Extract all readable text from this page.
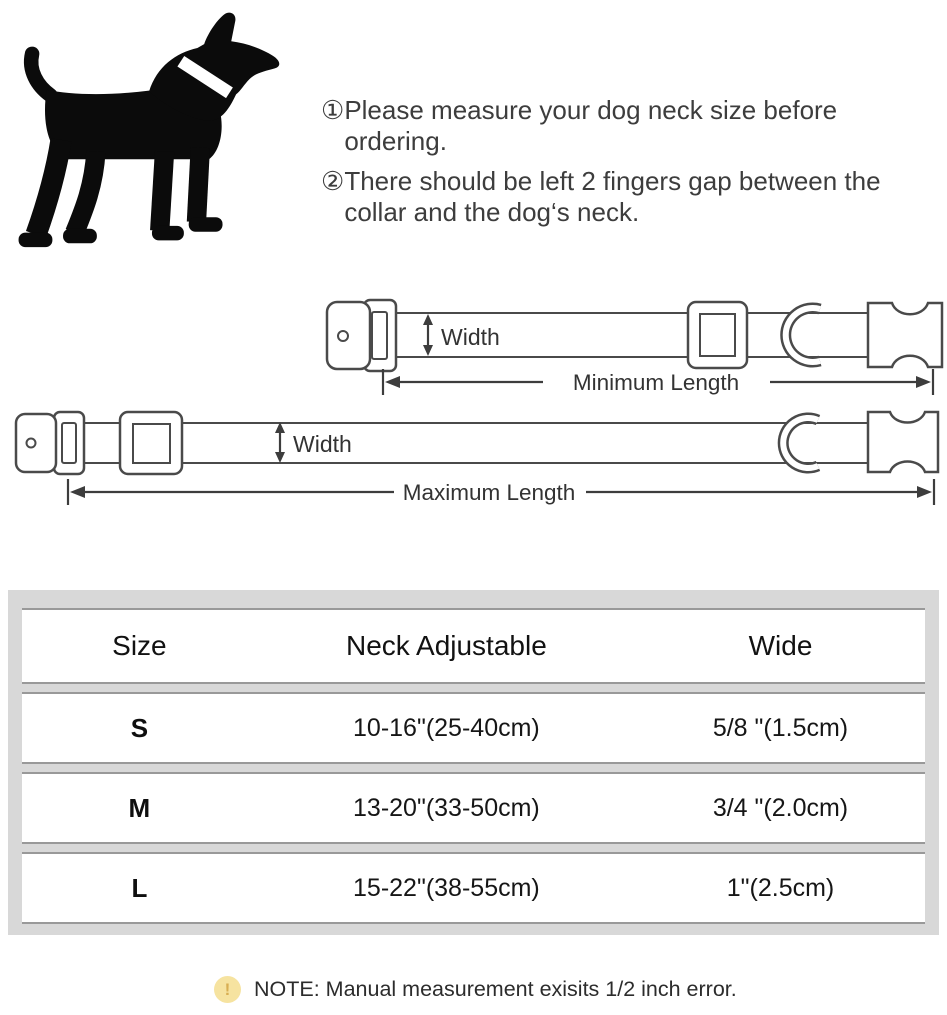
① Please measure your dog neck size before ordering.
② There should be left 2 fingers gap between the collar and the dog‘s neck.
Width
Minimum Length
Width
Maximum Length
Size	Neck Adjustable	Wide
S	10-16"(25-40cm)	5/8 "(1.5cm)
M	13-20"(33-50cm)	3/4 "(2.0cm)
L	15-22"(38-55cm)	1"(2.5cm)
!	NOTE: Manual measurement exisits 1/2 inch error.
